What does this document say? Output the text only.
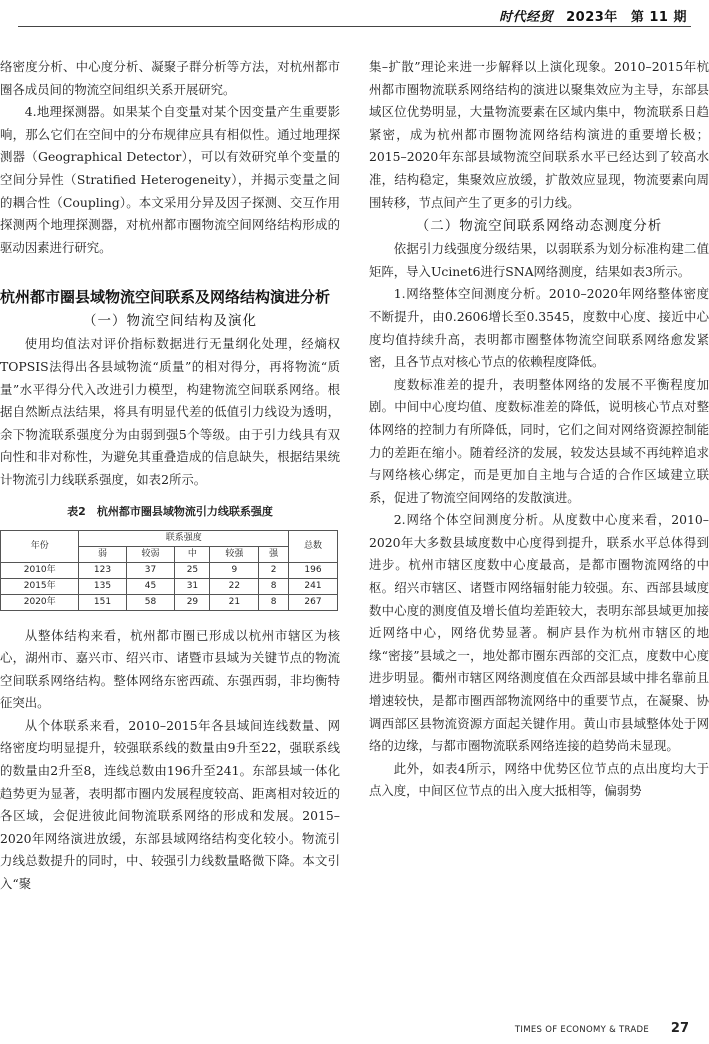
时代经贸 2023年 第 11 期

络密度分析、中心度分析、凝聚子群分析等方法，对杭州都市圈各成员间的物流空间组织关系开展研究。

4.地理探测器。如果某个自变量对某个因变量产生重要影响，那么它们在空间中的分布规律应具有相似性。通过地理探测器（Geographical Detector），可以有效研究单个变量的空间分异性（Stratified Heterogeneity），并揭示变量之间的耦合性（Coupling）。本文采用分异及因子探测、交互作用探测两个地理探测器，对杭州都市圈物流空间网络结构形成的驱动因素进行研究。

杭州都市圈县域物流空间联系及网络结构演进分析

（一）物流空间结构及演化

使用均值法对评价指标数据进行无量纲化处理，经熵权TOPSIS法得出各县域物流“质量”的相对得分，再将物流“质量”水平得分代入改进引力模型，构建物流空间联系网络。根据自然断点法结果，将具有明显代差的低值引力线设为透明，余下物流联系强度分为由弱到强5个等级。由于引力线具有双向性和非对称性，为避免其重叠造成的信息缺失，根据结果统计物流引力线联系强度，如表2所示。

表2　杭州都市圈县域物流引力线联系强度

年份	联系强度					总数
	弱	较弱	中	较强	强	
2010年	123	37	25	9	2	196
2015年	135	45	31	22	8	241
2020年	151	58	29	21	8	267

从整体结构来看，杭州都市圈已形成以杭州市辖区为核心，湖州市、嘉兴市、绍兴市、诸暨市县域为关键节点的物流空间联系网络结构。整体网络东密西疏、东强西弱，非均衡特征突出。

从个体联系来看，2010–2015年各县域间连线数量、网络密度均明显提升，较强联系线的数量由9升至22，强联系线的数量由2升至8，连线总数由196升至241。东部县域一体化趋势更为显著，表明都市圈内发展程度较高、距离相对较近的各区域，会促进彼此间物流联系网络的形成和发展。2015–2020年网络演进放缓，东部县域网络结构变化较小。物流引力线总数提升的同时，中、较强引力线数量略微下降。本文引入“聚

集–扩散”理论来进一步解释以上演化现象。2010–2015年杭州都市圈物流联系网络结构的演进以聚集效应为主导，东部县域区位优势明显，大量物流要素在区域内集中，物流联系日趋紧密，成为杭州都市圈物流网络结构演进的重要增长极；2015–2020年东部县域物流空间联系水平已经达到了较高水准，结构稳定，集聚效应放缓，扩散效应显现，物流要素向周围转移，节点间产生了更多的引力线。

（二）物流空间联系网络动态测度分析

依据引力线强度分级结果，以弱联系为划分标准构建二值矩阵，导入Ucinet6进行SNA网络测度，结果如表3所示。

1.网络整体空间测度分析。2010–2020年网络整体密度不断提升，由0.2606增长至0.3545，度数中心度、接近中心度均值持续升高，表明都市圈整体物流空间联系网络愈发紧密，且各节点对核心节点的依赖程度降低。

度数标准差的提升，表明整体网络的发展不平衡程度加剧。中间中心度均值、度数标准差的降低，说明核心节点对整体网络的控制力有所降低，同时，它们之间对网络资源控制能力的差距在缩小。随着经济的发展，较发达县域不再纯粹追求与网络核心绑定，而是更加自主地与合适的合作区域建立联系，促进了物流空间网络的发散演进。

2.网络个体空间测度分析。从度数中心度来看，2010–2020年大多数县域度数中心度得到提升，联系水平总体得到进步。杭州市辖区度数中心度最高，是都市圈物流网络的中枢。绍兴市辖区、诸暨市网络辐射能力较强。东、西部县域度数中心度的测度值及增长值均差距较大，表明东部县域更加接近网络中心，网络优势显著。桐庐县作为杭州市辖区的地缘“密接”县域之一，地处都市圈东西部的交汇点，度数中心度进步明显。衢州市辖区网络测度值在众西部县域中排名靠前且增速较快，是都市圈西部物流网络中的重要节点，在凝聚、协调西部区县物流资源方面起关键作用。黄山市县域整体处于网络的边缘，与都市圈物流联系网络连接的趋势尚未显现。

此外，如表4所示，网络中优势区位节点的点出度均大于点入度，中间区位节点的出入度大抵相等，偏弱势

TIMES OF ECONOMY & TRADE 27
